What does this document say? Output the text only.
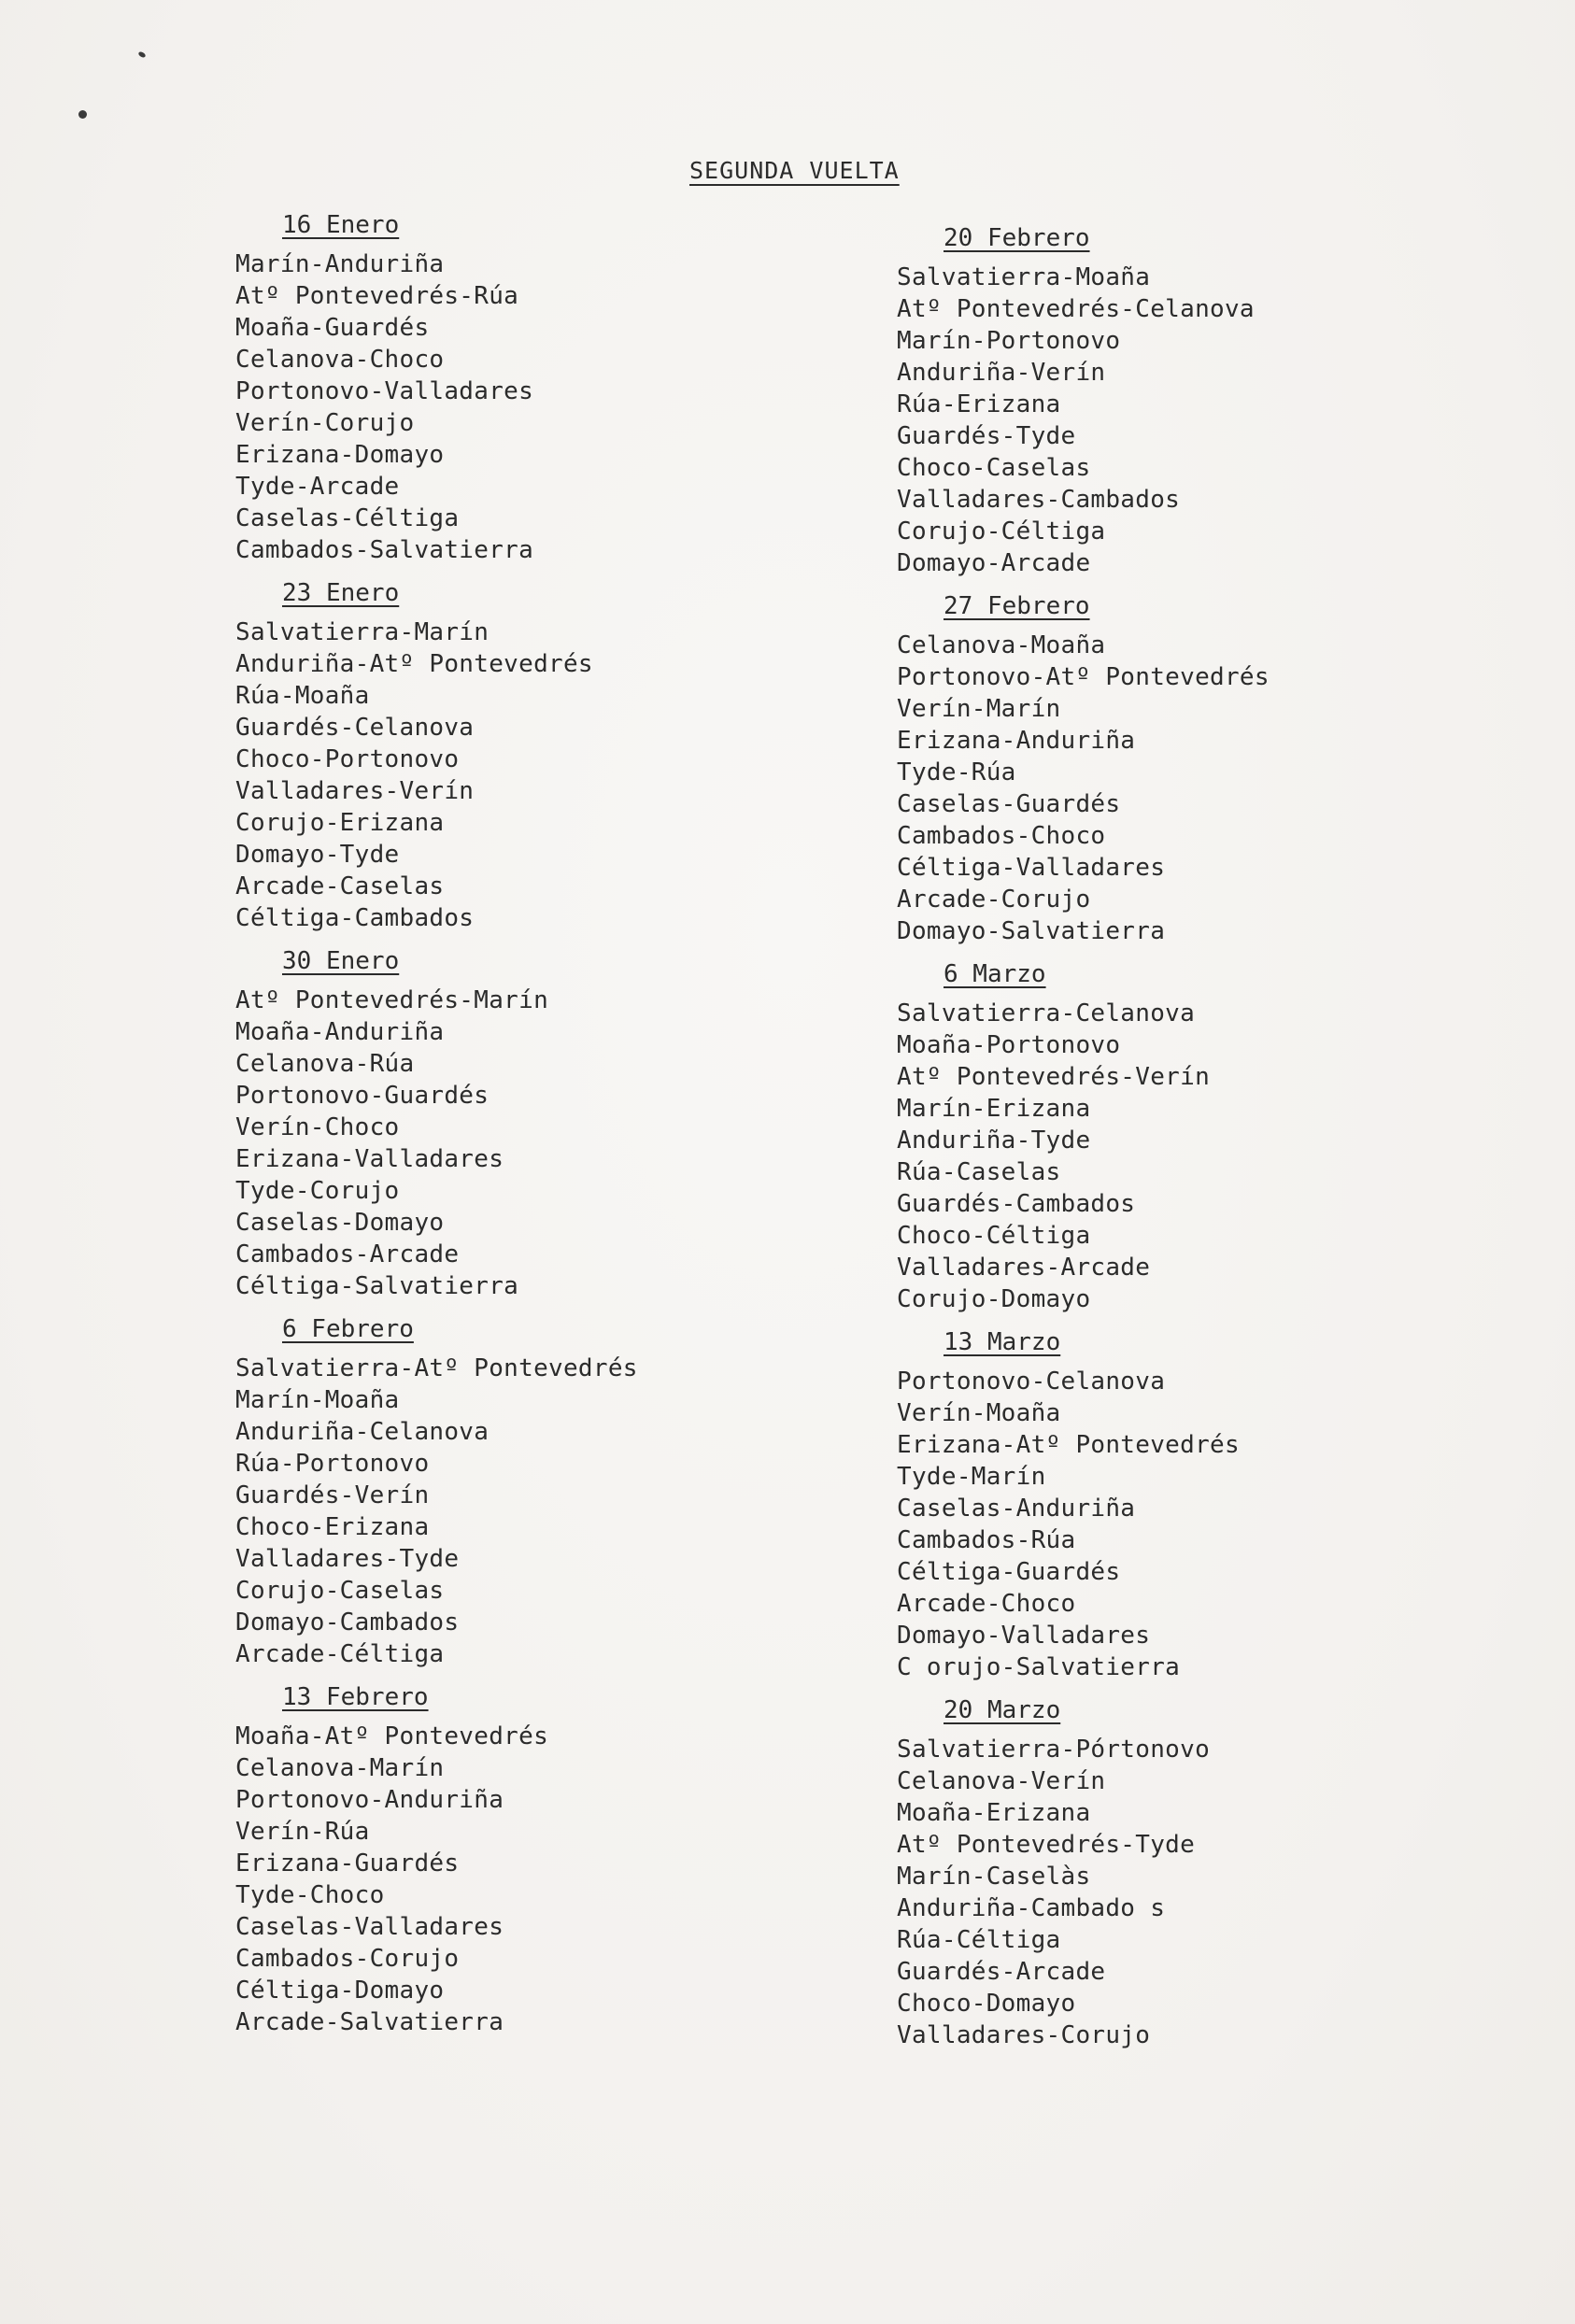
SEGUNDA VUELTA
16 Enero
Marín-Anduriña
Atº Pontevedrés-Rúa
Moaña-Guardés
Celanova-Choco
Portonovo-Valladares
Verín-Corujo
Erizana-Domayo
Tyde-Arcade
Caselas-Céltiga
Cambados-Salvatierra
23 Enero
Salvatierra-Marín
Anduriña-Atº Pontevedrés
Rúa-Moaña
Guardés-Celanova
Choco-Portonovo
Valladares-Verín
Corujo-Erizana
Domayo-Tyde
Arcade-Caselas
Céltiga-Cambados
30 Enero
Atº Pontevedrés-Marín
Moaña-Anduriña
Celanova-Rúa
Portonovo-Guardés
Verín-Choco
Erizana-Valladares
Tyde-Corujo
Caselas-Domayo
Cambados-Arcade
Céltiga-Salvatierra
6 Febrero
Salvatierra-Atº Pontevedrés
Marín-Moaña
Anduriña-Celanova
Rúa-Portonovo
Guardés-Verín
Choco-Erizana
Valladares-Tyde
Corujo-Caselas
Domayo-Cambados
Arcade-Céltiga
13 Febrero
Moaña-Atº Pontevedrés
Celanova-Marín
Portonovo-Anduriña
Verín-Rúa
Erizana-Guardés
Tyde-Choco
Caselas-Valladares
Cambados-Corujo
Céltiga-Domayo
Arcade-Salvatierra
20 Febrero
Salvatierra-Moaña
Atº Pontevedrés-Celanova
Marín-Portonovo
Anduriña-Verín
Rúa-Erizana
Guardés-Tyde
Choco-Caselas
Valladares-Cambados
Corujo-Céltiga
Domayo-Arcade
27 Febrero
Celanova-Moaña
Portonovo-Atº Pontevedrés
Verín-Marín
Erizana-Anduriña
Tyde-Rúa
Caselas-Guardés
Cambados-Choco
Céltiga-Valladares
Arcade-Corujo
Domayo-Salvatierra
6 Marzo
Salvatierra-Celanova
Moaña-Portonovo
Atº Pontevedrés-Verín
Marín-Erizana
Anduriña-Tyde
Rúa-Caselas
Guardés-Cambados
Choco-Céltiga
Valladares-Arcade
Corujo-Domayo
13 Marzo
Portonovo-Celanova
Verín-Moaña
Erizana-Atº Pontevedrés
Tyde-Marín
Caselas-Anduriña
Cambados-Rúa
Céltiga-Guardés
Arcade-Choco
Domayo-Valladares
C orujo-Salvatierra
20 Marzo
Salvatierra-Pórtonovo
Celanova-Verín
Moaña-Erizana
Atº Pontevedrés-Tyde
Marín-Caselàs
Anduriña-Cambado s
Rúa-Céltiga
Guardés-Arcade
Choco-Domayo
Valladares-Corujo
